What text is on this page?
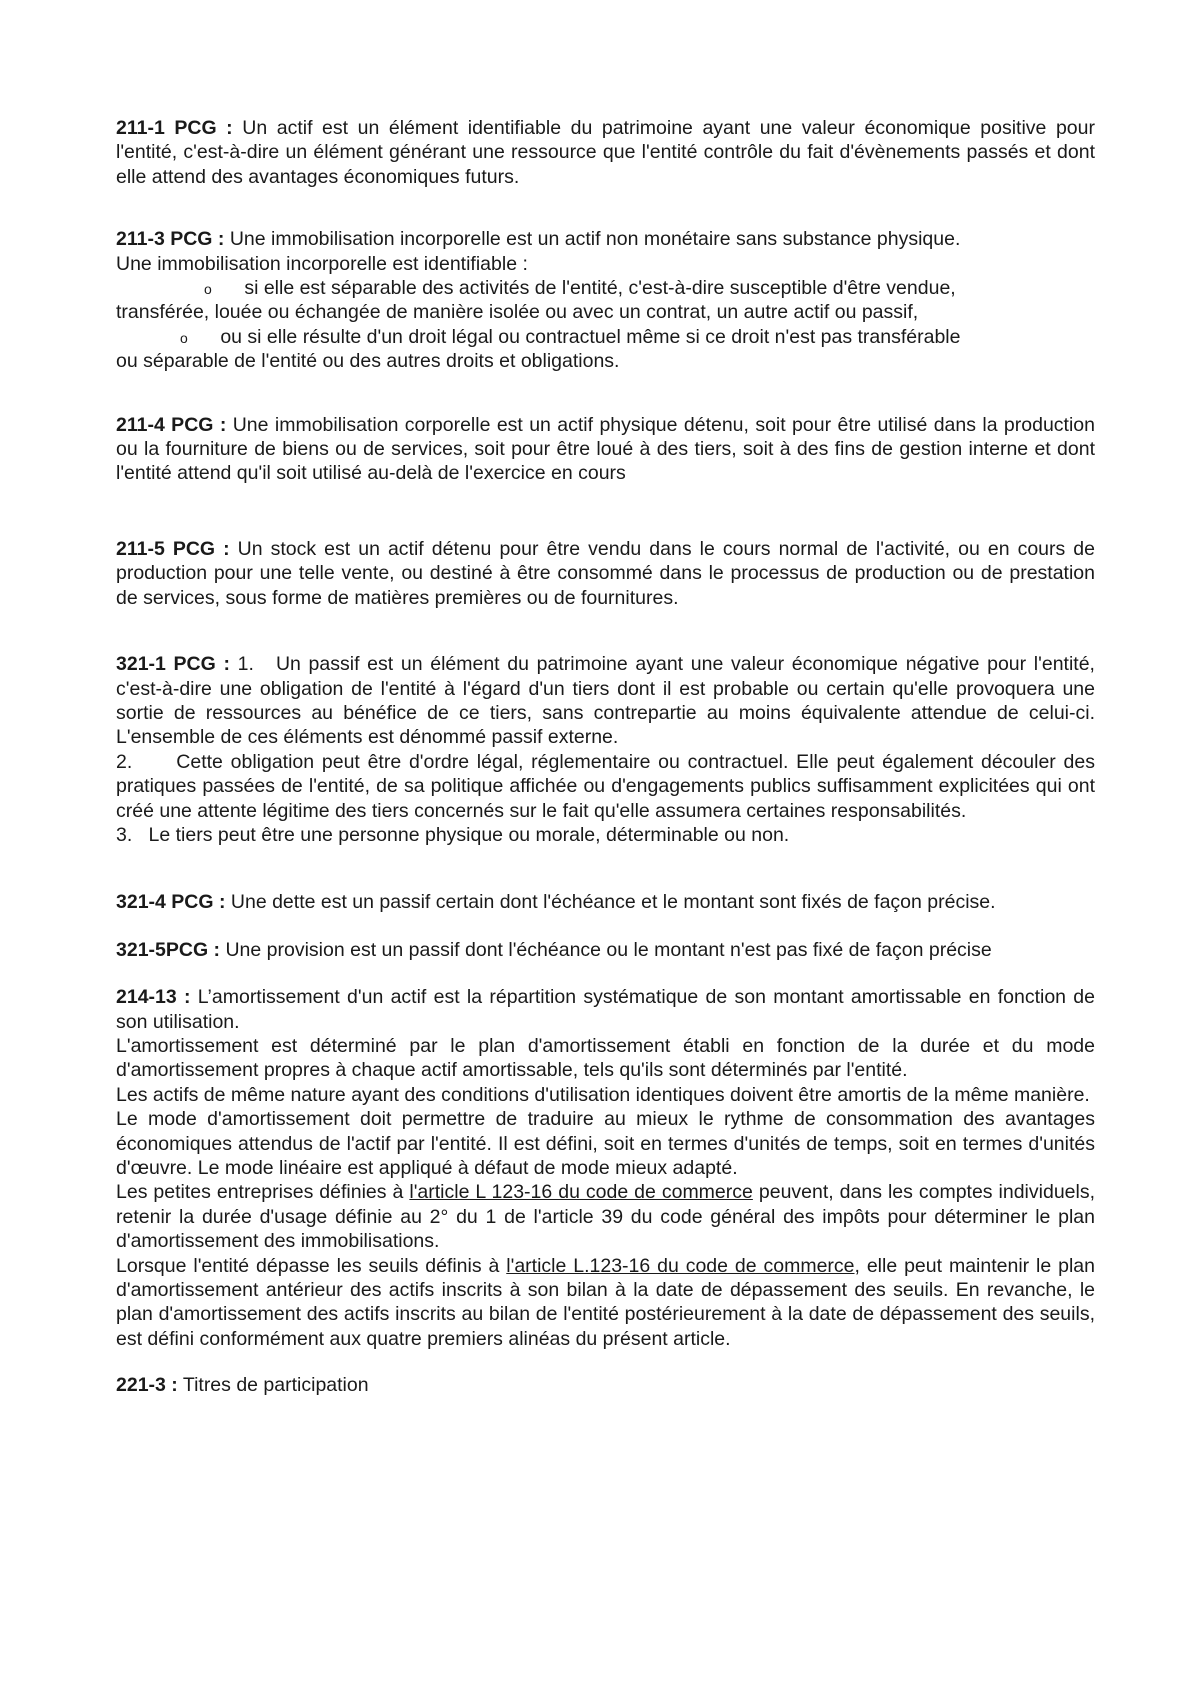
211-1 PCG : Un actif est un élément identifiable du patrimoine ayant une valeur économique positive pour l'entité, c'est-à-dire un élément générant une ressource que l'entité contrôle du fait d'évènements passés et dont elle attend des avantages économiques futurs.

211-3 PCG : Une immobilisation incorporelle est un actif non monétaire sans substance physique.

Une immobilisation incorporelle est identifiable :

o si elle est séparable des activités de l'entité, c'est-à-dire susceptible d'être vendue,

transférée, louée ou échangée de manière isolée ou avec un contrat, un autre actif ou passif,

o ou si elle résulte d'un droit légal ou contractuel même si ce droit n'est pas transférable

ou séparable de l'entité ou des autres droits et obligations.

211-4 PCG : Une immobilisation corporelle est un actif physique détenu, soit pour être utilisé dans la production ou la fourniture de biens ou de services, soit pour être loué à des tiers, soit à des fins de gestion interne et dont l'entité attend qu'il soit utilisé au-delà de l'exercice en cours

211-5 PCG : Un stock est un actif détenu pour être vendu dans le cours normal de l'activité, ou en cours de production pour une telle vente, ou destiné à être consommé dans le processus de production ou de prestation de services, sous forme de matières premières ou de fournitures.

321-1 PCG : 1. Un passif est un élément du patrimoine ayant une valeur économique négative pour l'entité, c'est-à-dire une obligation de l'entité à l'égard d'un tiers dont il est probable ou certain qu'elle provoquera une sortie de ressources au bénéfice de ce tiers, sans contrepartie au moins équivalente attendue de celui-ci. L'ensemble de ces éléments est dénommé passif externe.

2. Cette obligation peut être d'ordre légal, réglementaire ou contractuel. Elle peut également découler des pratiques passées de l'entité, de sa politique affichée ou d'engagements publics suffisamment explicitées qui ont créé une attente légitime des tiers concernés sur le fait qu'elle assumera certaines responsabilités.

3. Le tiers peut être une personne physique ou morale, déterminable ou non.

321-4 PCG : Une dette est un passif certain dont l'échéance et le montant sont fixés de façon précise.

321-5PCG : Une provision est un passif dont l'échéance ou le montant n'est pas fixé de façon précise

214-13 : L’amortissement d'un actif est la répartition systématique de son montant amortissable en fonction de son utilisation.

L'amortissement est déterminé par le plan d'amortissement établi en fonction de la durée et du mode d'amortissement propres à chaque actif amortissable, tels qu'ils sont déterminés par l'entité.

Les actifs de même nature ayant des conditions d'utilisation identiques doivent être amortis de la même manière.

Le mode d'amortissement doit permettre de traduire au mieux le rythme de consommation des avantages économiques attendus de l'actif par l'entité. Il est défini, soit en termes d'unités de temps, soit en termes d'unités d'œuvre. Le mode linéaire est appliqué à défaut de mode mieux adapté.

Les petites entreprises définies à l'article L 123-16 du code de commerce peuvent, dans les comptes individuels, retenir la durée d'usage définie au 2° du 1 de l'article 39 du code général des impôts pour déterminer le plan d'amortissement des immobilisations.

Lorsque l'entité dépasse les seuils définis à l'article L.123-16 du code de commerce, elle peut maintenir le plan d'amortissement antérieur des actifs inscrits à son bilan à la date de dépassement des seuils. En revanche, le plan d'amortissement des actifs inscrits au bilan de l'entité postérieurement à la date de dépassement des seuils, est défini conformément aux quatre premiers alinéas du présent article.

221-3 : Titres de participation
